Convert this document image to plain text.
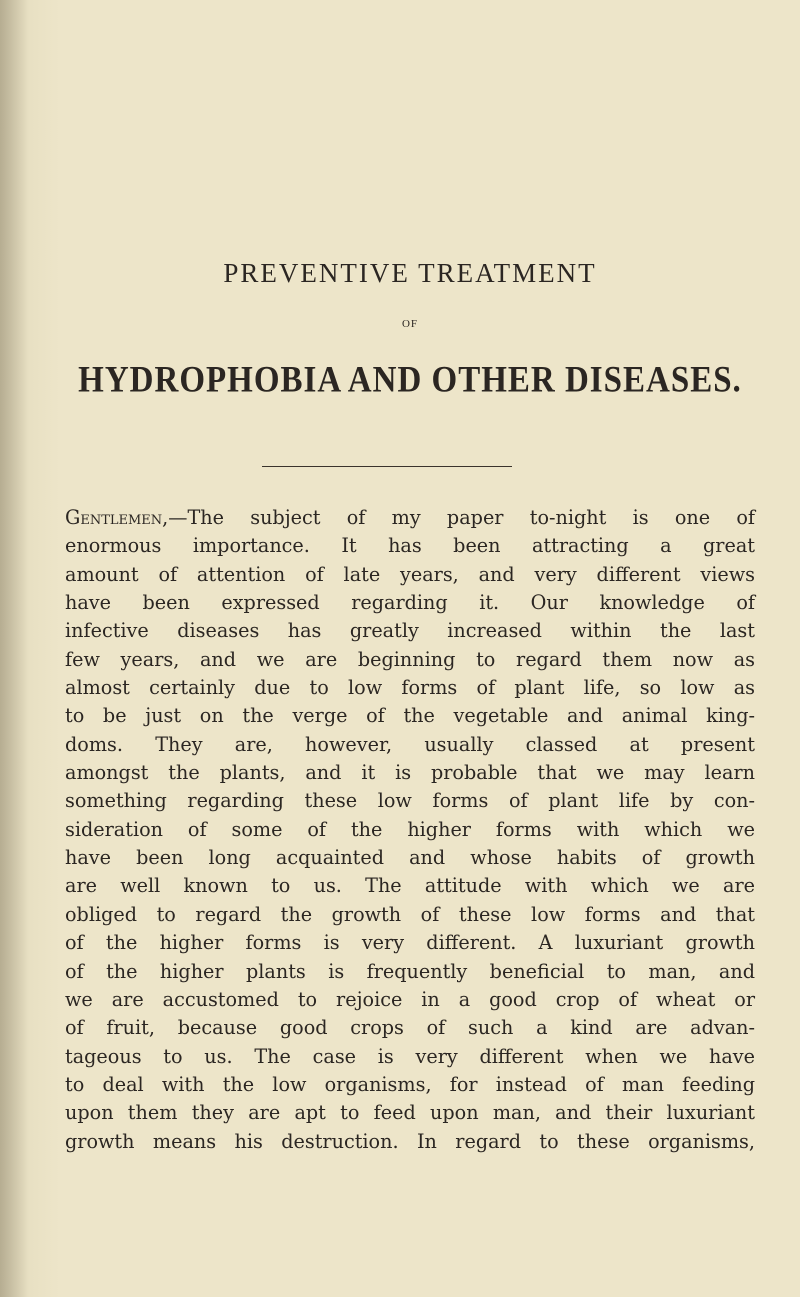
PREVENTIVE TREATMENT
OF
HYDROPHOBIA AND OTHER DISEASES.
Gentlemen,—The subject of my paper to-night is one of
enormous importance. It has been attracting a great
amount of attention of late years, and very different views
have been expressed regarding it. Our knowledge of
infective diseases has greatly increased within the last
few years, and we are beginning to regard them now as
almost certainly due to low forms of plant life, so low as
to be just on the verge of the vegetable and animal king-
doms. They are, however, usually classed at present
amongst the plants, and it is probable that we may learn
something regarding these low forms of plant life by con-
sideration of some of the higher forms with which we
have been long acquainted and whose habits of growth
are well known to us. The attitude with which we are
obliged to regard the growth of these low forms and that
of the higher forms is very different. A luxuriant growth
of the higher plants is frequently beneficial to man, and
we are accustomed to rejoice in a good crop of wheat or
of fruit, because good crops of such a kind are advan-
tageous to us. The case is very different when we have
to deal with the low organisms, for instead of man feeding
upon them they are apt to feed upon man, and their luxuriant
growth means his destruction. In regard to these organisms,
